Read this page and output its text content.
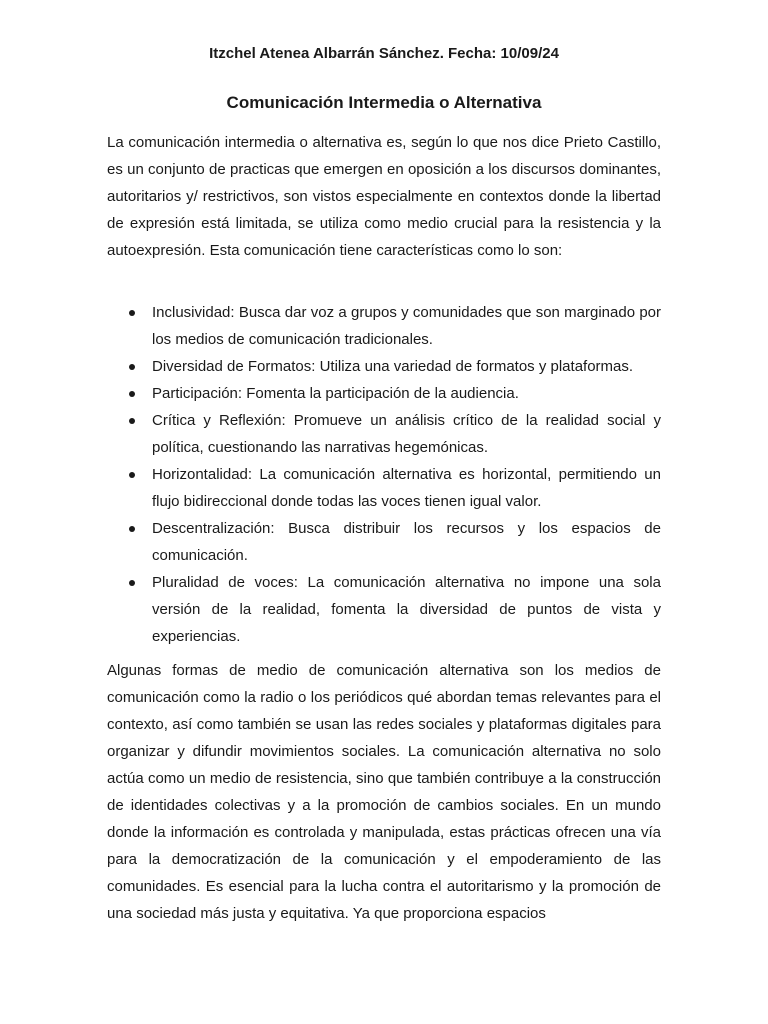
Itzchel Atenea Albarrán Sánchez. Fecha: 10/09/24
Comunicación Intermedia o Alternativa

La comunicación intermedia o alternativa es, según lo que nos dice Prieto Castillo, es un conjunto de practicas que emergen en oposición a los discursos dominantes, autoritarios y/ restrictivos, son vistos especialmente en contextos donde la libertad de expresión está limitada, se utiliza como medio crucial para la resistencia y la autoexpresión. Esta comunicación tiene características como lo son:

Inclusividad: Busca dar voz a grupos y comunidades que son marginado por los medios de comunicación tradicionales.
Diversidad de Formatos: Utiliza una variedad de formatos y plataformas.
Participación: Fomenta la participación de la audiencia.
Crítica y Reflexión: Promueve un análisis crítico de la realidad social y política, cuestionando las narrativas hegemónicas.
Horizontalidad: La comunicación alternativa es horizontal, permitiendo un flujo bidireccional donde todas las voces tienen igual valor.
Descentralización: Busca distribuir los recursos y los espacios de comunicación.
Pluralidad de voces: La comunicación alternativa no impone una sola versión de la realidad, fomenta la diversidad de puntos de vista y experiencias.

Algunas formas de medio de comunicación alternativa son los medios de comunicación como la radio o los periódicos qué abordan temas relevantes para el contexto, así como también se usan las redes sociales y plataformas digitales para organizar y difundir movimientos sociales. La comunicación alternativa no solo actúa como un medio de resistencia, sino que también contribuye a la construcción de identidades colectivas y a la promoción de cambios sociales. En un mundo donde la información es controlada y manipulada, estas prácticas ofrecen una vía para la democratización de la comunicación y el empoderamiento de las comunidades. Es esencial para la lucha contra el autoritarismo y la promoción de una sociedad más justa y equitativa. Ya que proporciona espacios
